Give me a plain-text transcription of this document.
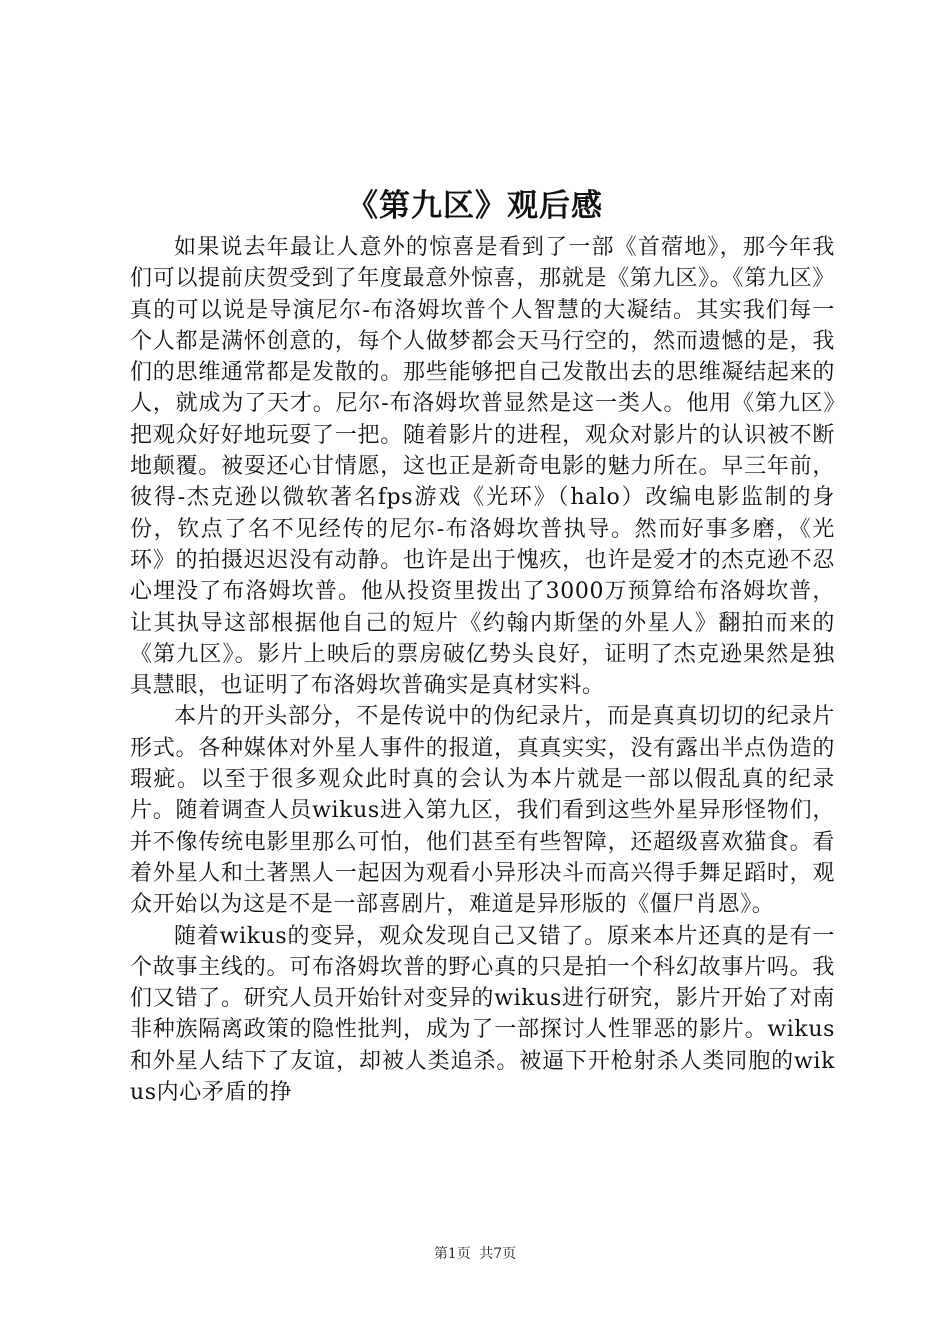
《第九区》观后感

如果说去年最让人意外的惊喜是看到了一部《首蓿地》，那今年我们可以提前庆贺受到了年度最意外惊喜，那就是《第九区》。《第九区》真的可以说是导演尼尔-布洛姆坎普个人智慧的大凝结。其实我们每一个人都是满怀创意的，每个人做梦都会天马行空的，然而遗憾的是，我们的思维通常都是发散的。那些能够把自己发散出去的思维凝结起来的人，就成为了天才。尼尔-布洛姆坎普显然是这一类人。他用《第九区》把观众好好地玩耍了一把。随着影片的进程，观众对影片的认识被不断地颠覆。被耍还心甘情愿，这也正是新奇电影的魅力所在。早三年前，彼得-杰克逊以微软著名fps游戏《光环》（halo）改编电影监制的身份，钦点了名不见经传的尼尔-布洛姆坎普执导。然而好事多磨，《光环》的拍摄迟迟没有动静。也许是出于愧疚，也许是爱才的杰克逊不忍心埋没了布洛姆坎普。他从投资里拨出了3000万预算给布洛姆坎普，让其执导这部根据他自己的短片《约翰内斯堡的外星人》翻拍而来的《第九区》。影片上映后的票房破亿势头良好，证明了杰克逊果然是独具慧眼，也证明了布洛姆坎普确实是真材实料。

本片的开头部分，不是传说中的伪纪录片，而是真真切切的纪录片形式。各种媒体对外星人事件的报道，真真实实，没有露出半点伪造的瑕疵。以至于很多观众此时真的会认为本片就是一部以假乱真的纪录片。随着调查人员wikus进入第九区，我们看到这些外星异形怪物们，并不像传统电影里那么可怕，他们甚至有些智障，还超级喜欢猫食。看着外星人和土著黑人一起因为观看小异形决斗而高兴得手舞足蹈时，观众开始以为这是不是一部喜剧片，难道是异形版的《僵尸肖恩》。

随着wikus的变异，观众发现自己又错了。原来本片还真的是有一个故事主线的。可布洛姆坎普的野心真的只是拍一个科幻故事片吗。我们又错了。研究人员开始针对变异的wikus进行研究，影片开始了对南非种族隔离政策的隐性批判，成为了一部探讨人性罪恶的影片。wikus和外星人结下了友谊，却被人类追杀。被逼下开枪射杀人类同胞的wikus内心矛盾的挣

第1页 共7页
